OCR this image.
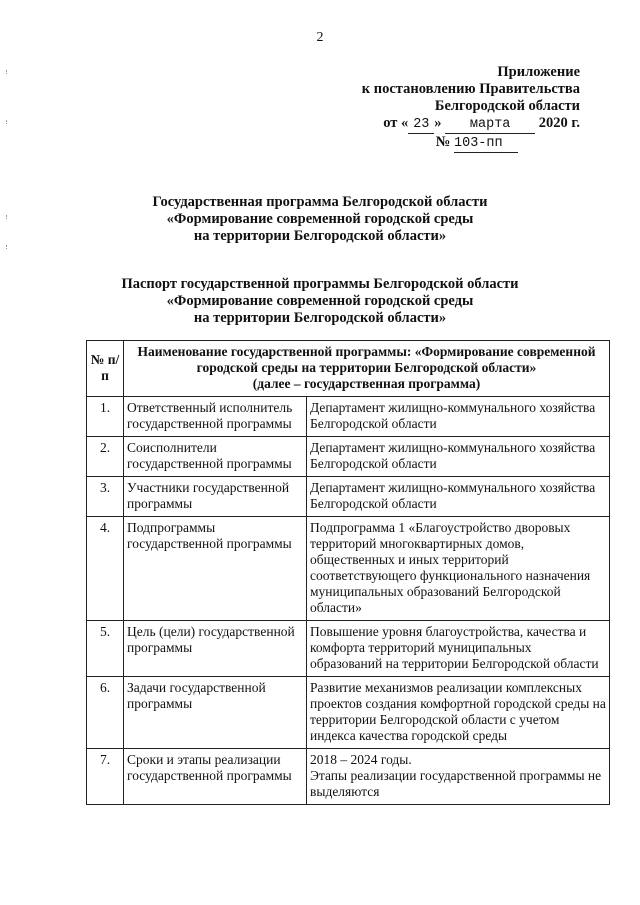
2
Приложение
к постановлению Правительства
Белгородской области
от « 23 » марта 2020 г.
№ 103-пп
Государственная программа Белгородской области
«Формирование современной городской среды
на территории Белгородской области»
Паспорт государственной программы Белгородской области
«Формирование современной городской среды
на территории Белгородской области»
№ п/п	Наименование государственной программы: «Формирование современной
городской среды на территории Белгородской области»
(далее – государственная программа)	
1.	Ответственный исполнитель государственной программы	Департамент жилищно-коммунального хозяйства Белгородской области
2.	Соисполнители государственной программы	Департамент жилищно-коммунального хозяйства Белгородской области
3.	Участники государственной программы	Департамент жилищно-коммунального хозяйства Белгородской области
4.	Подпрограммы государственной программы	Подпрограмма 1 «Благоустройство дворовых территорий многоквартирных домов, общественных и иных территорий соответствующего функционального назначения муниципальных образований Белгородской области»
5.	Цель (цели) государственной программы	Повышение уровня благоустройства, качества и комфорта территорий муниципальных образований на территории Белгородской области
6.	Задачи государственной программы	Развитие механизмов реализации комплексных проектов создания комфортной городской среды на территории Белгородской области с учетом индекса качества городской среды
7.	Сроки и этапы реализации государственной программы	2018 – 2024 годы.
Этапы реализации государственной программы не выделяются
